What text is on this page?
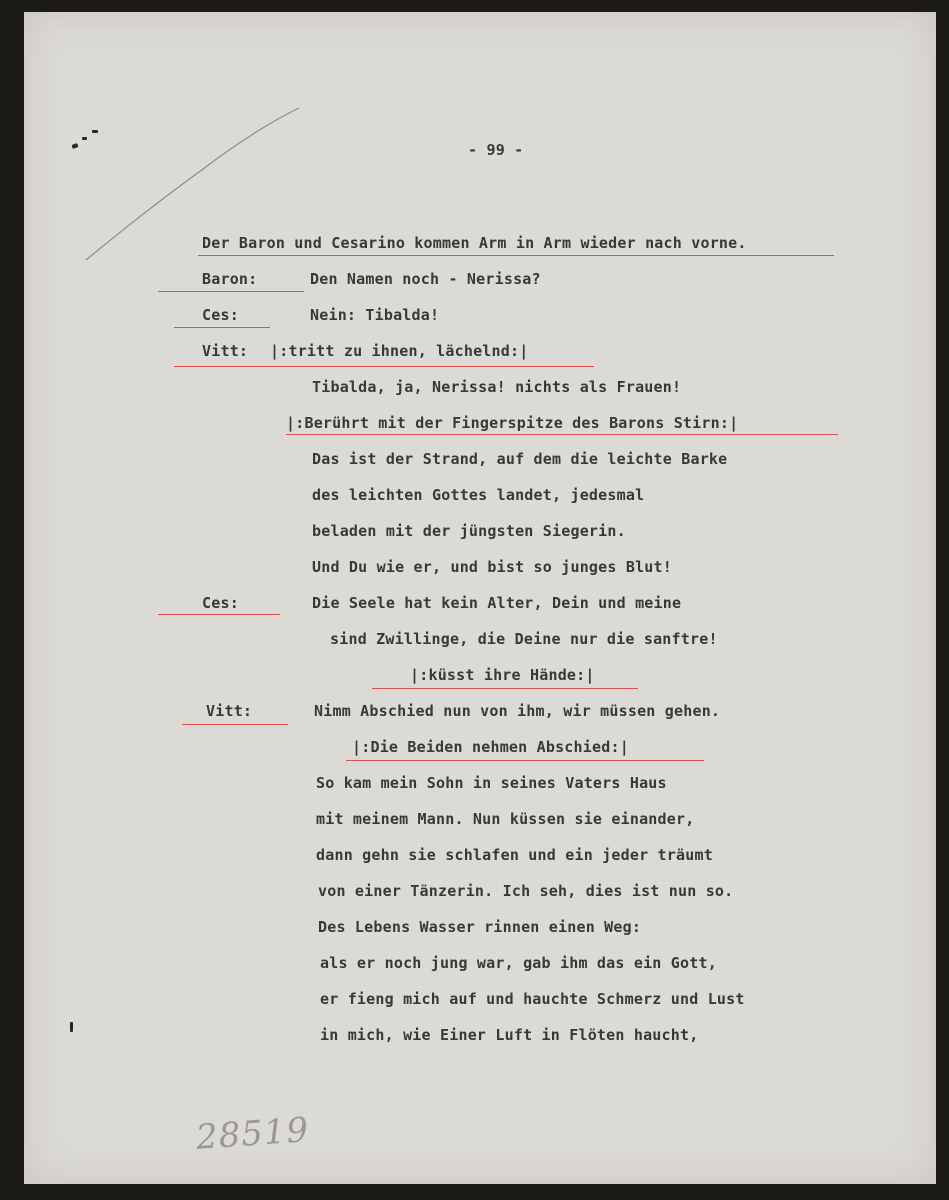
- 99 -
Der Baron und Cesarino kommen Arm in Arm wieder nach vorne.
Baron:	Den Namen noch - Nerissa?
Ces:	Nein: Tibalda!
Vitt: |:tritt zu ihnen, lächelnd:|
Tibalda, ja, Nerissa! nichts als Frauen!
|:Berührt mit der Fingerspitze des Barons Stirn:|
Das ist der Strand, auf dem die leichte Barke
des leichten Gottes landet, jedesmal
beladen mit der jüngsten Siegerin.
Und Du wie er, und bist so junges Blut!
Ces:	Die Seele hat kein Alter, Dein und meine
sind Zwillinge, die Deine nur die sanftre!
|:küsst ihre Hände:|
Vitt:	Nimm Abschied nun von ihm, wir müssen gehen.
|:Die Beiden nehmen Abschied:|
So kam mein Sohn in seines Vaters Haus
mit meinem Mann. Nun küssen sie einander,
dann gehn sie schlafen und ein jeder träumt
von einer Tänzerin. Ich seh, dies ist nun so.
Des Lebens Wasser rinnen einen Weg:
als er noch jung war, gab ihm das ein Gott,
er fieng mich auf und hauchte Schmerz und Lust
in mich, wie Einer Luft in Flöten haucht,
28519
